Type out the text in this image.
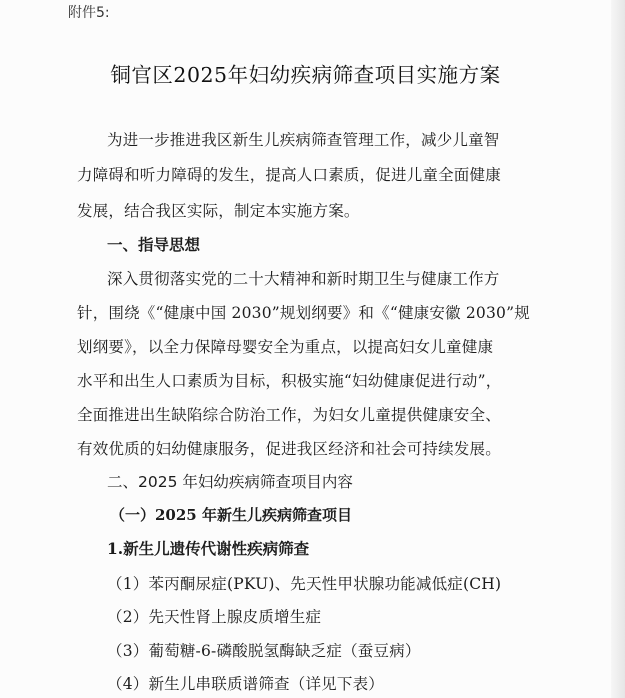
附件5:
铜官区2025年妇幼疾病筛查项目实施方案
为进一步推进我区新生儿疾病筛查管理工作，减少儿童智
力障碍和听力障碍的发生，提高人口素质，促进儿童全面健康
发展，结合我区实际，制定本实施方案。
一、指导思想
深入贯彻落实党的二十大精神和新时期卫生与健康工作方
针，围绕《“健康中国 2030”规划纲要》和《“健康安徽 2030”规
划纲要》，以全力保障母婴安全为重点，以提高妇女儿童健康
水平和出生人口素质为目标，积极实施“妇幼健康促进行动”，
全面推进出生缺陷综合防治工作，为妇女儿童提供健康安全、
有效优质的妇幼健康服务，促进我区经济和社会可持续发展。
二、2025 年妇幼疾病筛查项目内容
（一）2025 年新生儿疾病筛查项目
1.新生儿遗传代谢性疾病筛查
（1）苯丙酮尿症(PKU)、先天性甲状腺功能减低症(CH)
（2）先天性肾上腺皮质增生症
（3）葡萄糖-6-磷酸脱氢酶缺乏症（蚕豆病）
（4）新生儿串联质谱筛查（详见下表）
